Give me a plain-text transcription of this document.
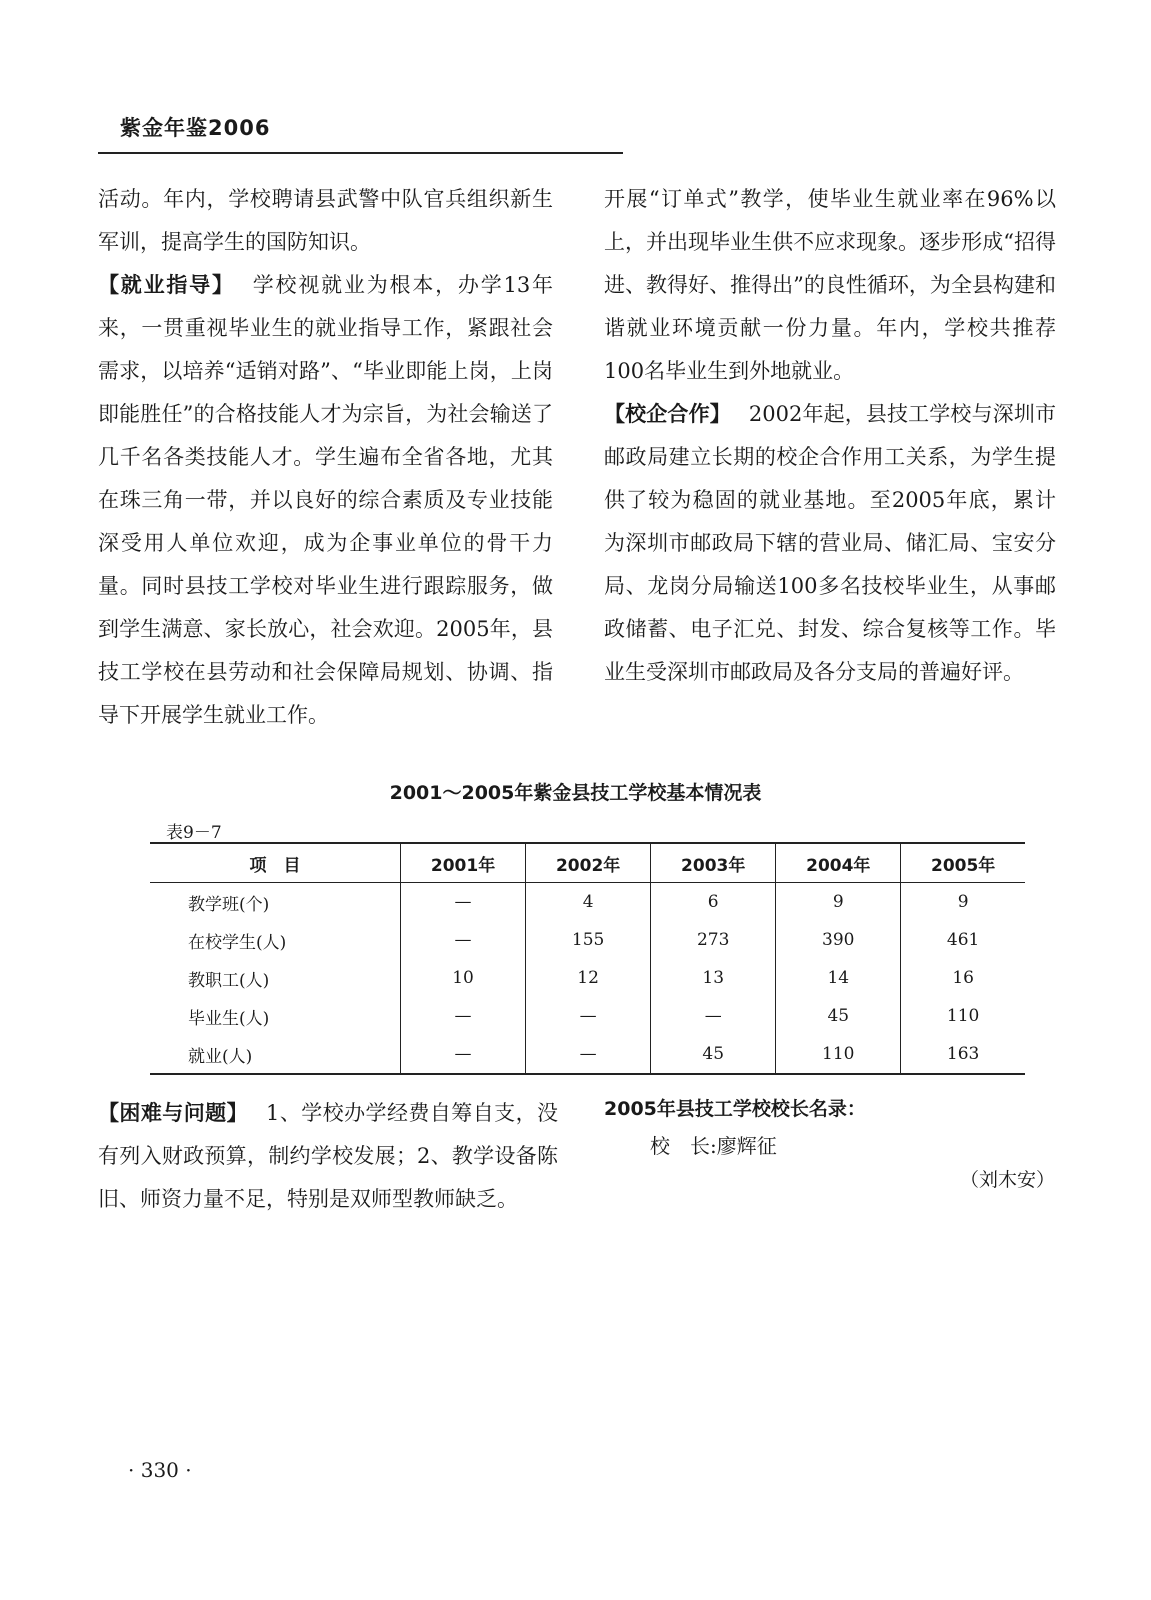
紫金年鉴2006

活动。年内，学校聘请县武警中队官兵组织新生军训，提高学生的国防知识。

【就业指导】 学校视就业为根本，办学13年来，一贯重视毕业生的就业指导工作，紧跟社会需求，以培养“适销对路”、“毕业即能上岗，上岗即能胜任”的合格技能人才为宗旨，为社会输送了几千名各类技能人才。学生遍布全省各地，尤其在珠三角一带，并以良好的综合素质及专业技能深受用人单位欢迎，成为企事业单位的骨干力量。同时县技工学校对毕业生进行跟踪服务，做到学生满意、家长放心，社会欢迎。2005年，县技工学校在县劳动和社会保障局规划、协调、指导下开展学生就业工作。

开展“订单式”教学，使毕业生就业率在96%以上，并出现毕业生供不应求现象。逐步形成“招得进、教得好、推得出”的良性循环，为全县构建和谐就业环境贡献一份力量。年内，学校共推荐100名毕业生到外地就业。

【校企合作】 2002年起，县技工学校与深圳市邮政局建立长期的校企合作用工关系，为学生提供了较为稳固的就业基地。至2005年底，累计为深圳市邮政局下辖的营业局、储汇局、宝安分局、龙岗分局输送100多名技校毕业生，从事邮政储蓄、电子汇兑、封发、综合复核等工作。毕业生受深圳市邮政局及各分支局的普遍好评。

2001～2005年紫金县技工学校基本情况表
表9－7
项　目	2001年	2002年	2003年	2004年	2005年
教学班(个)	—	4	6	9	9
在校学生(人)	—	155	273	390	461
教职工(人)	10	12	13	14	16
毕业生(人)	—	—	—	45	110
就业(人)	—	—	45	110	163

【困难与问题】 1、学校办学经费自筹自支，没有列入财政预算，制约学校发展；2、教学设备陈旧、师资力量不足，特别是双师型教师缺乏。

2005年县技工学校校长名录：
校　长:廖辉征
（刘木安）
· 330 ·
